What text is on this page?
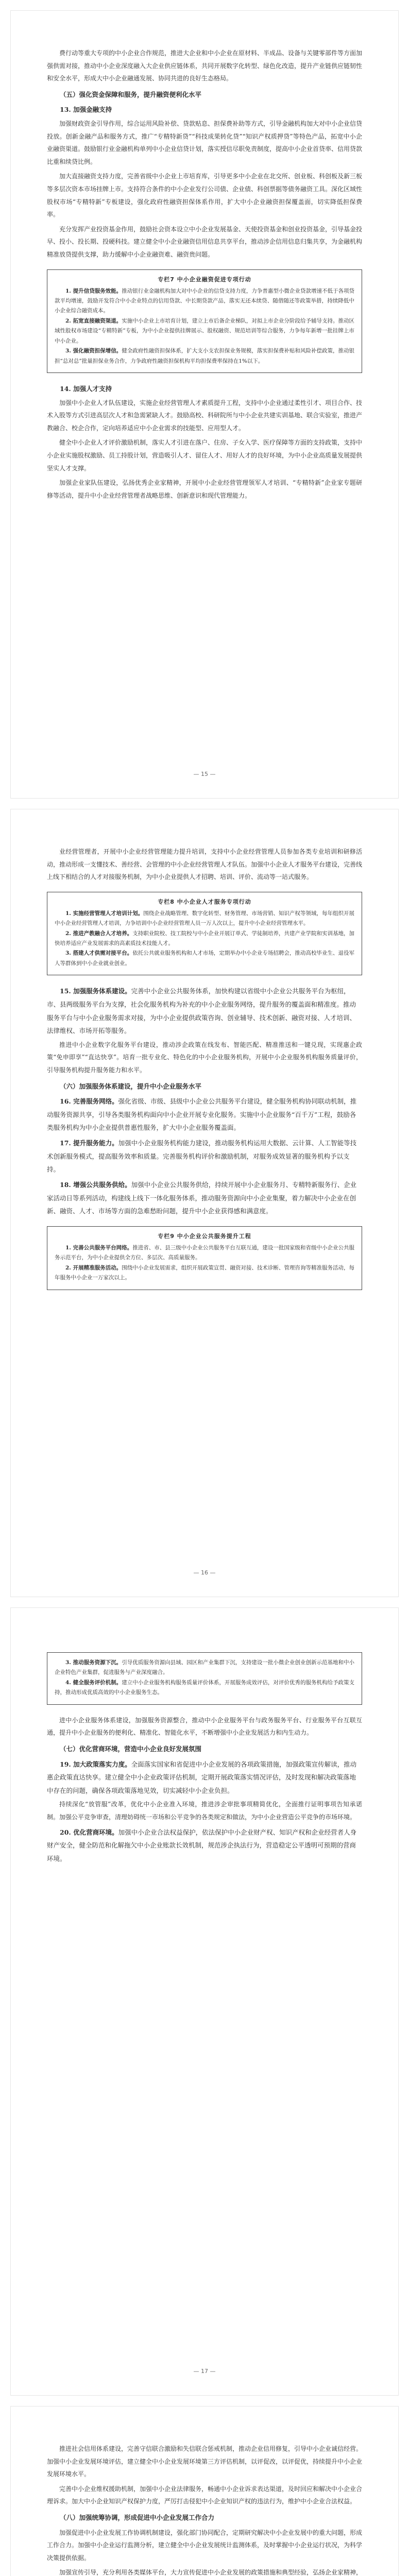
费行动等重大专项的中小企业合作规范，推进大企业和中小企业在原材料、半成品、设备与关键零部件等方面加强供需对接，推动中小企业深度融入大企业供应链体系，共同开展数字化转型、绿色化改造，提升产业链供应链韧性和安全水平，形成大中小企业融通发展、协同共进的良好生态格局。

（五）强化资金保障和服务，提升融资便利化水平

13. 加强金融支持

加强财政资金引导作用，综合运用风险补偿、贷款贴息、担保费补助等方式，引导金融机构加大对中小企业信贷投放。创新金融产品和服务方式，推广“专精特新贷”“科技成果转化贷”“知识产权质押贷”等特色产品，拓宽中小企业融资渠道。鼓励银行业金融机构单列中小企业信贷计划，落实授信尽职免责制度，提高中小企业首贷率、信用贷款比重和续贷比例。

加大直接融资支持力度，完善省级中小企业上市培育库，引导更多中小企业在北交所、创业板、科创板及新三板等多层次资本市场挂牌上市。支持符合条件的中小企业发行公司债、企业债、科创票据等债务融资工具。深化区域性股权市场“专精特新”专板建设，强化政府性融资担保体系作用，扩大中小企业融资担保覆盖面，切实降低担保费率。

充分发挥产业投资基金作用，鼓励社会资本设立中小企业发展基金、天使投资基金和创业投资基金，引导基金投早、投小、投长期、投硬科技。建立健全中小企业融资信用信息共享平台，推动涉企信用信息归集共享，为金融机构精准放贷提供支撑，助力缓解中小企业融资难、融资贵问题。

专栏7 中小企业融资促进专项行动

1. 提升信贷服务效能。推动银行业金融机构加大对中小企业的信贷支持力度，力争普惠型小微企业贷款增速不低于各项贷款平均增速，鼓励开发符合中小企业特点的信用贷款、中长期贷款产品，落实无还本续贷、随借随还等政策举措，持续降低中小企业综合融资成本。

2. 拓宽直接融资渠道。实施中小企业上市培育计划，建立上市后备企业梯队，对拟上市企业分阶段给予辅导支持。推动区域性股权市场建设“专精特新”专板，为中小企业提供挂牌展示、股权融资、规范培训等综合服务，力争每年新增一批挂牌上市中小企业。

3. 强化融资担保增信。健全政府性融资担保体系，扩大支小支农担保业务规模，落实担保费补贴和风险补偿政策，推动银担“总对总”批量担保业务合作，力争政府性融资担保机构平均担保费率保持在1%以下。

14. 加强人才支持

加强中小企业人才队伍建设，实施企业经营管理人才素质提升工程，支持中小企业通过柔性引才、项目合作、技术入股等方式引进高层次人才和急需紧缺人才。鼓励高校、科研院所与中小企业共建实训基地、联合实验室，推进产教融合、校企合作，定向培养适应中小企业需求的技能型、应用型人才。

健全中小企业人才评价激励机制，落实人才引进在落户、住房、子女入学、医疗保障等方面的支持政策，支持中小企业实施股权激励、员工持股计划，营造吸引人才、留住人才、用好人才的良好环境，为中小企业高质量发展提供坚实人才支撑。

加强企业家队伍建设，弘扬优秀企业家精神，开展中小企业经营管理领军人才培训、“专精特新”企业家专题研修等活动，提升中小企业经营管理者战略思维、创新意识和现代管理能力。

— 15 —

业经营管理者，开展中小企业经营管理能力提升培训，支持中小企业经营管理人员参加各类专业培训和研修活动，推动形成一支懂技术、善经营、会管理的中小企业经营管理人才队伍。加强中小企业人才服务平台建设，完善线上线下相结合的人才对接服务机制，为中小企业提供人才招聘、培训、评价、流动等一站式服务。

专栏8 中小企业人才服务专项行动

1. 实施经营管理人才培训计划。围绕企业战略管理、数字化转型、财务管理、市场营销、知识产权等领域，每年组织开展中小企业经营管理人才培训，力争培训中小企业经营管理人员一万人次以上，提升中小企业经营管理水平。

2. 推进产教融合人才培养。支持职业院校、技工院校与中小企业开展订单式、学徒制培养，共建产业学院和实训基地，加快培养适应产业发展需求的高素质技术技能人才。

3. 搭建人才供需对接平台。依托公共就业服务机构和人才市场，定期举办中小企业专场招聘会，推动高校毕业生、退役军人等群体到中小企业就业创业。

15. 加强服务体系建设。完善中小企业公共服务体系，加快构建以省级中小企业公共服务平台为枢纽，市、县两级服务平台为支撑，社会化服务机构为补充的中小企业服务网络，提升服务的覆盖面和精准度。推动服务平台与中小企业服务需求对接，为中小企业提供政策咨询、创业辅导、技术创新、融资对接、人才培训、法律维权、市场开拓等服务。

推进中小企业数字化服务平台建设，推动涉企政策在线发布、智能匹配、精准推送和一键兑现，实现惠企政策“免申即享”“直达快享”。培育一批专业化、特色化的中小企业服务机构，开展中小企业服务机构服务质量评价，引导服务机构提升服务能力和水平。

（六）加强服务体系建设，提升中小企业服务水平

16. 完善服务网络。强化省级、市级、县级中小企业公共服务平台建设，健全服务机构协同联动机制，推动服务资源共享，引导各类服务机构面向中小企业开展专业化服务。实施中小企业服务“百千万”工程，鼓励各类服务机构为中小企业提供普惠性服务，扩大中小企业服务覆盖面。

17. 提升服务能力。加强中小企业服务机构能力建设，推动服务机构运用大数据、云计算、人工智能等技术创新服务模式，提高服务效率和质量。完善服务机构评价和激励机制，对服务成效显著的服务机构予以支持。

18. 增强公共服务供给。加强中小企业公共服务供给，持续开展中小企业服务月、专精特新服务行、企业家活动日等系列活动，构建线上线下一体化服务体系，推动服务资源向中小企业集聚，着力解决中小企业在创新、融资、人才、市场等方面的急难愁盼问题，提升中小企业获得感和满意度。

专栏9 中小企业公共服务提升工程

1. 完善公共服务平台网络。推进省、市、县三级中小企业公共服务平台互联互通，建设一批国家级和省级中小企业公共服务示范平台，为中小企业提供全方位、多层次、高质量服务。

2. 开展精准服务活动。围绕中小企业发展需求，组织开展政策宣贯、融资对接、技术诊断、管理咨询等精准服务活动，每年服务中小企业一万家次以上。

— 16 —

3. 推动服务资源下沉。引导优质服务资源向县域、园区和产业集群下沉，支持建设一批小微企业创业创新示范基地和中小企业特色产业集群，促进服务与产业深度融合。

4. 健全服务评价机制。建立中小企业服务机构服务质量评价体系，开展服务成效评估，对评价优秀的服务机构给予政策支持，推动形成优质高效的中小企业服务生态。

进中小企业服务体系建设，加强服务资源整合，推动中小企业服务平台与政务服务平台、行业服务平台互联互通，提升中小企业服务的便利化、精准化、智能化水平，不断增强中小企业发展活力和内生动力。

（七）优化营商环境，营造中小企业良好发展氛围

19. 加大政策落实力度。全面落实国家和省促进中小企业发展的各项政策措施，加强政策宣传解读，推动惠企政策直达快享。建立健全中小企业政策评估机制，定期开展政策落实情况评估，及时发现和解决政策落地中存在的问题，确保各项政策落地见效，切实减轻中小企业负担。

持续深化“放管服”改革，优化中小企业准入环境，推进涉企审批事项精简优化，全面推行证明事项告知承诺制。加强公平竞争审查，清理妨碍统一市场和公平竞争的各类规定和做法，为中小企业营造公平竞争的市场环境。

20. 优化营商环境。加强中小企业合法权益保护，依法保护中小企业财产权、知识产权和企业经营者人身财产安全，健全防范和化解拖欠中小企业账款长效机制，规范涉企执法行为，营造稳定公平透明可预期的营商环境。

— 17 —

推进社会信用体系建设，完善守信联合激励和失信联合惩戒机制，推动企业信用修复，引导中小企业诚信经营。加强中小企业发展环境评估，建立健全中小企业发展环境第三方评估机制，以评促改，以评促优，持续提升中小企业发展环境水平。

完善中小企业维权援助机制，加强中小企业法律服务，畅通中小企业诉求表达渠道，及时回应和解决中小企业合理诉求。加大中小企业知识产权保护力度，严厉打击侵犯中小企业知识产权的违法行为，维护中小企业合法权益。

（八）加强统筹协调，形成促进中小企业发展工作合力

加强促进中小企业发展工作协调机制建设，强化部门协同配合，定期研究解决中小企业发展中的重大问题，形成工作合力。加强中小企业运行监测分析，建立健全中小企业发展统计监测体系，及时掌握中小企业运行状况，为科学决策提供依据。

加强宣传引导，充分利用各类媒体平台，大力宣传促进中小企业发展的政策措施和典型经验，弘扬企业家精神，
